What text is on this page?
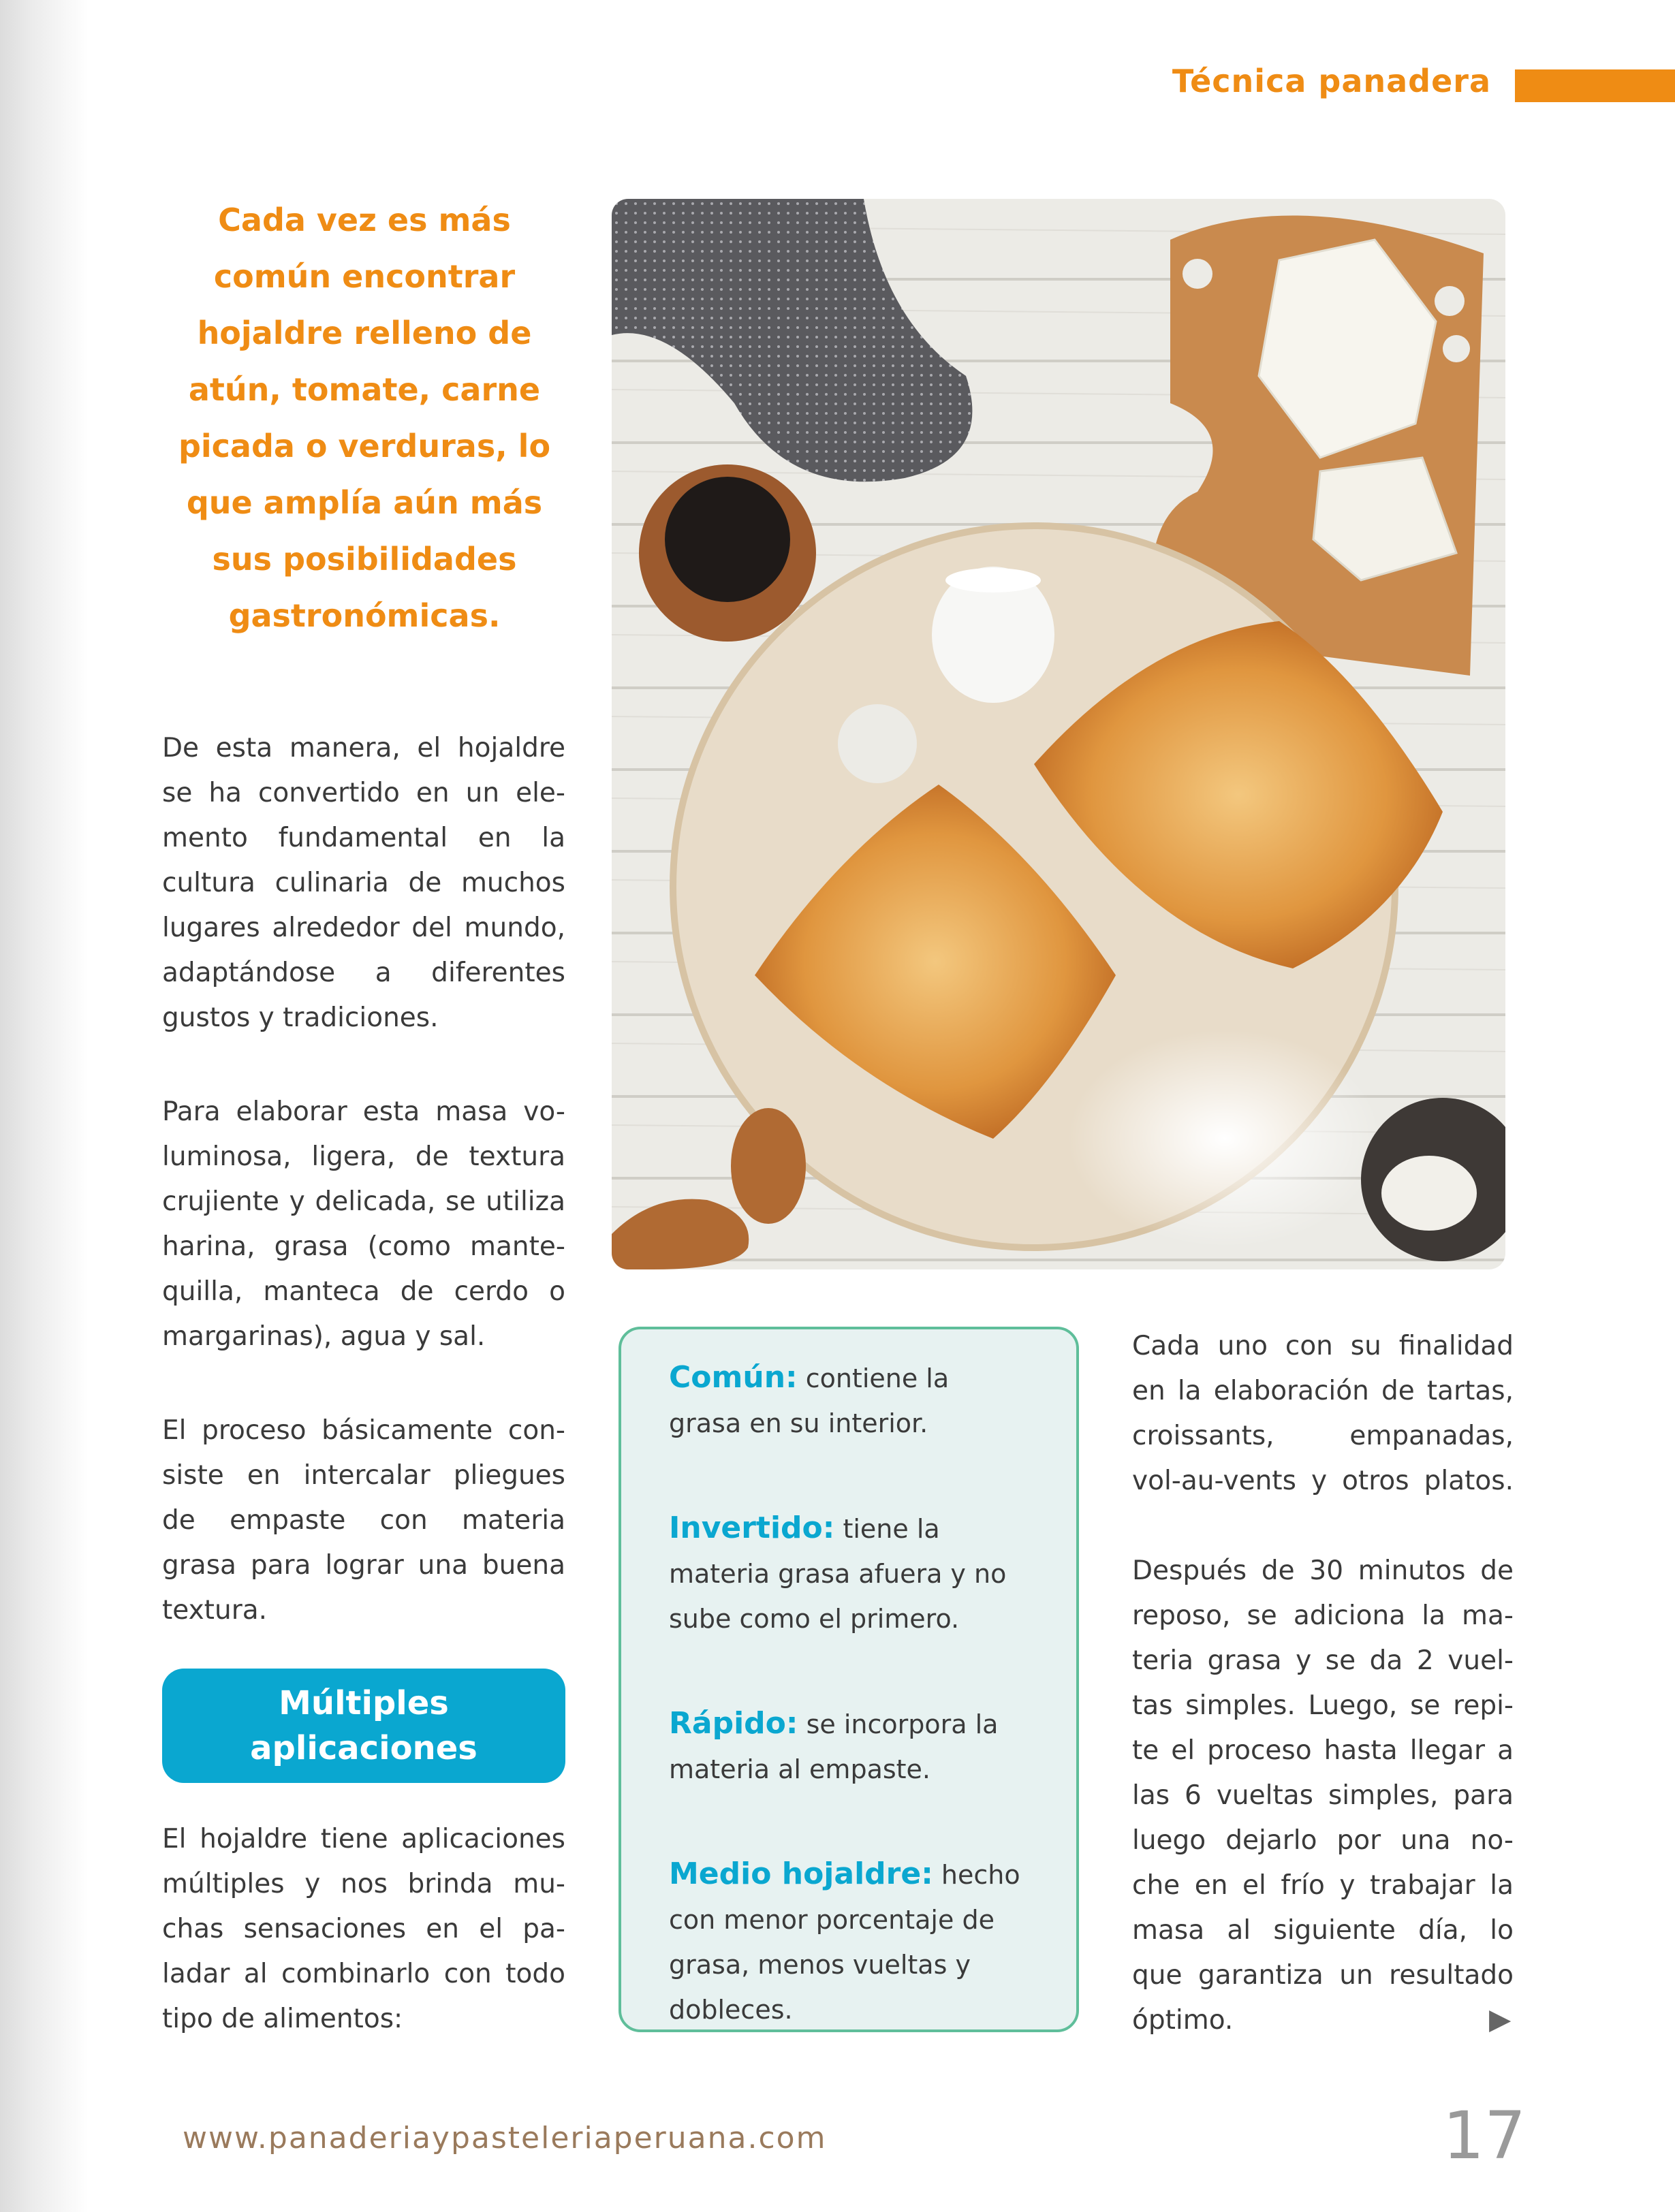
Técnica panadera
Cada vez es más
común encontrar
hojaldre relleno de
atún, tomate, carne
picada o verduras, lo
que amplía aún más
sus posibilidades
gastronómicas.
De esta manera, el hojaldre
se ha convertido en un ele-
mento fundamental en la
cultura culinaria de muchos
lugares alrededor del mundo,
adaptándose a diferentes
gustos y tradiciones.
Para elaborar esta masa vo-
luminosa, ligera, de textura
crujiente y delicada, se utiliza
harina, grasa (como mante-
quilla, manteca de cerdo o
margarinas), agua y sal.
El proceso básicamente con-
siste en intercalar pliegues
de empaste con materia
grasa para lograr una buena
textura.
Múltiples
aplicaciones
El hojaldre tiene aplicaciones
múltiples y nos brinda mu-
chas sensaciones en el pa-
ladar al combinarlo con todo
tipo de alimentos:
Común: contiene la
grasa en su interior.
Invertido: tiene la
materia grasa afuera y no
sube como el primero.
Rápido: se incorpora la
materia al empaste.
Medio hojaldre: hecho
con menor porcentaje de
grasa, menos vueltas y
dobleces.
Cada uno con su finalidad
en la elaboración de tartas,
croissants, empanadas,
vol-au-vents y otros platos.
Después de 30 minutos de
reposo, se adiciona la ma-
teria grasa y se da 2 vuel-
tas simples. Luego, se repi-
te el proceso hasta llegar a
las 6 vueltas simples, para
luego dejarlo por una no-
che en el frío y trabajar la
masa al siguiente día, lo
que garantiza un resultado
óptimo.	▶
www.panaderiaypasteleriaperuana.com	17
